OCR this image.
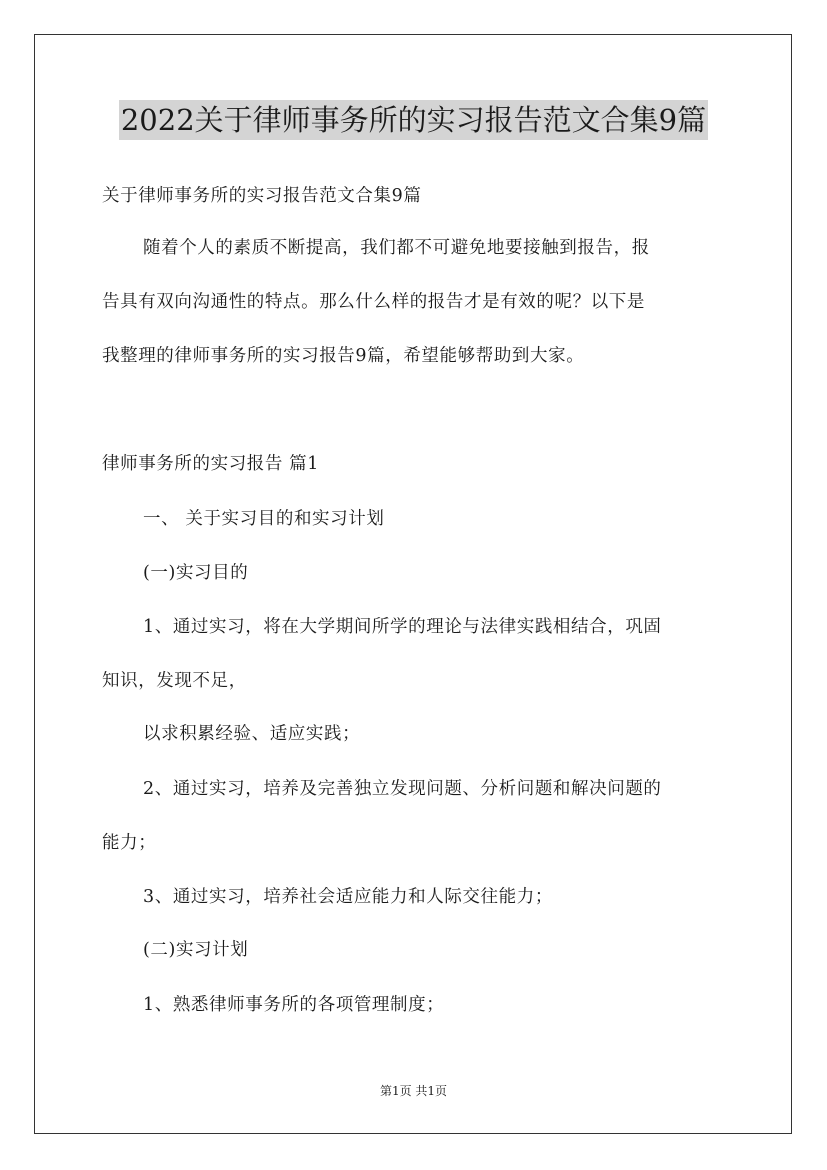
2022关于律师事务所的实习报告范文合集9篇
关于律师事务所的实习报告范文合集9篇
随着个人的素质不断提高，我们都不可避免地要接触到报告，报
告具有双向沟通性的特点。那么什么样的报告才是有效的呢？以下是
我整理的律师事务所的实习报告9篇，希望能够帮助到大家。
律师事务所的实习报告 篇1
一、 关于实习目的和实习计划
(一)实习目的
1、通过实习，将在大学期间所学的理论与法律实践相结合，巩固
知识，发现不足，
以求积累经验、适应实践；
2、通过实习，培养及完善独立发现问题、分析问题和解决问题的
能力；
3、通过实习，培养社会适应能力和人际交往能力；
(二)实习计划
1、熟悉律师事务所的各项管理制度；
第1页 共1页
